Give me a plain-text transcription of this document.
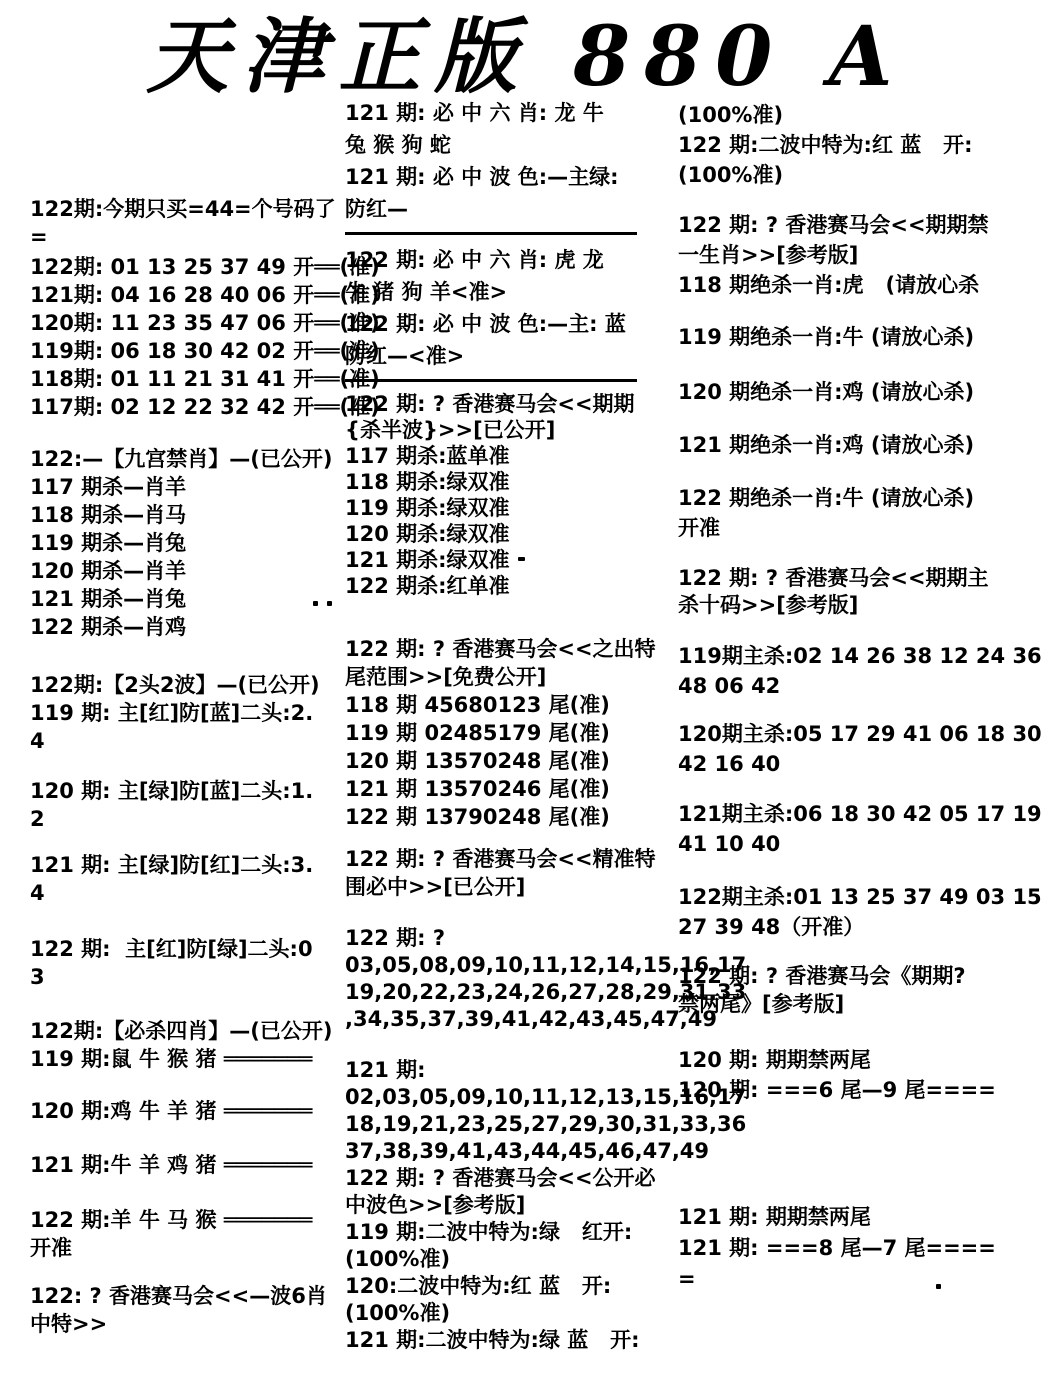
天津正版 880 A
122期:今期只买=44=个号码了
=
122期: 01 13 25 37 49 开══(准)
121期: 04 16 28 40 06 开══(准)
120期: 11 23 35 47 06 开══(准)
119期: 06 18 30 42 02 开══(准)
118期: 01 11 21 31 41 开══(准)
117期: 02 12 22 32 42 开══(准)
122:—【九宫禁肖】—(已公开)
117 期杀—肖羊
118 期杀—肖马
119 期杀—肖兔
120 期杀—肖羊
121 期杀—肖兔
122 期杀—肖鸡
122期:【2头2波】—(已公开)
119 期: 主[红]防[蓝]二头:2.
4
120 期: 主[绿]防[蓝]二头:1.
2
121 期: 主[绿]防[红]二头:3.
4
122 期:  主[红]防[绿]二头:0
3
122期:【必杀四肖】—(已公开)
119 期:鼠 牛 猴 猪 ═══════
120 期:鸡 牛 羊 猪 ═══════
121 期:牛 羊 鸡 猪 ═══════
122 期:羊 牛 马 猴 ═══════
开准
122: ? 香港赛马会<<—波6肖
中特>>
121 期: 必 中 六 肖: 龙 牛
兔 猴 狗 蛇
121 期: 必 中 波 色:—主绿:
防红—
122 期: 必 中 六 肖: 虎 龙
牛 猪 狗 羊<准>
122 期: 必 中 波 色:—主: 蓝
防红—<准>
122 期: ? 香港赛马会<<期期
{杀半波}>>[已公开]
117 期杀:蓝单准
118 期杀:绿双准
119 期杀:绿双准
120 期杀:绿双准
121 期杀:绿双准
122 期杀:红单准
122 期: ? 香港赛马会<<之出特
尾范围>>[免费公开]
118 期 45680123 尾(准)
119 期 02485179 尾(准)
120 期 13570248 尾(准)
121 期 13570246 尾(准)
122 期 13790248 尾(准)
122 期: ? 香港赛马会<<精准特
围必中>>[已公开]
122 期: ?
03,05,08,09,10,11,12,14,15,16,17
19,20,22,23,24,26,27,28,29,31,33
,34,35,37,39,41,42,43,45,47,49
121 期:
02,03,05,09,10,11,12,13,15,16,17
18,19,21,23,25,27,29,30,31,33,36
37,38,39,41,43,44,45,46,47,49
122 期: ? 香港赛马会<<公开必
中波色>>[参考版]
119 期:二波中特为:绿   红开:
(100%准)
120:二波中特为:红 蓝   开:
(100%准)
121 期:二波中特为:绿 蓝   开:
(100%准)
122 期:二波中特为:红 蓝   开:
(100%准)
122 期: ? 香港赛马会<<期期禁
一生肖>>[参考版]
118 期绝杀一肖:虎   (请放心杀
119 期绝杀一肖:牛 (请放心杀)
120 期绝杀一肖:鸡 (请放心杀)
121 期绝杀一肖:鸡 (请放心杀)
122 期绝杀一肖:牛 (请放心杀)
开准
122 期: ? 香港赛马会<<期期主
杀十码>>[参考版]
119期主杀:02 14 26 38 12 24 36
48 06 42
120期主杀:05 17 29 41 06 18 30
42 16 40
121期主杀:06 18 30 42 05 17 19
41 10 40
122期主杀:01 13 25 37 49 03 15
27 39 48（开准）
122 期: ? 香港赛马会《期期?
禁两尾》[参考版]
120 期: 期期禁两尾
120 期: ===6 尾—9 尾====
121 期: 期期禁两尾
121 期: ===8 尾—7 尾====
=
